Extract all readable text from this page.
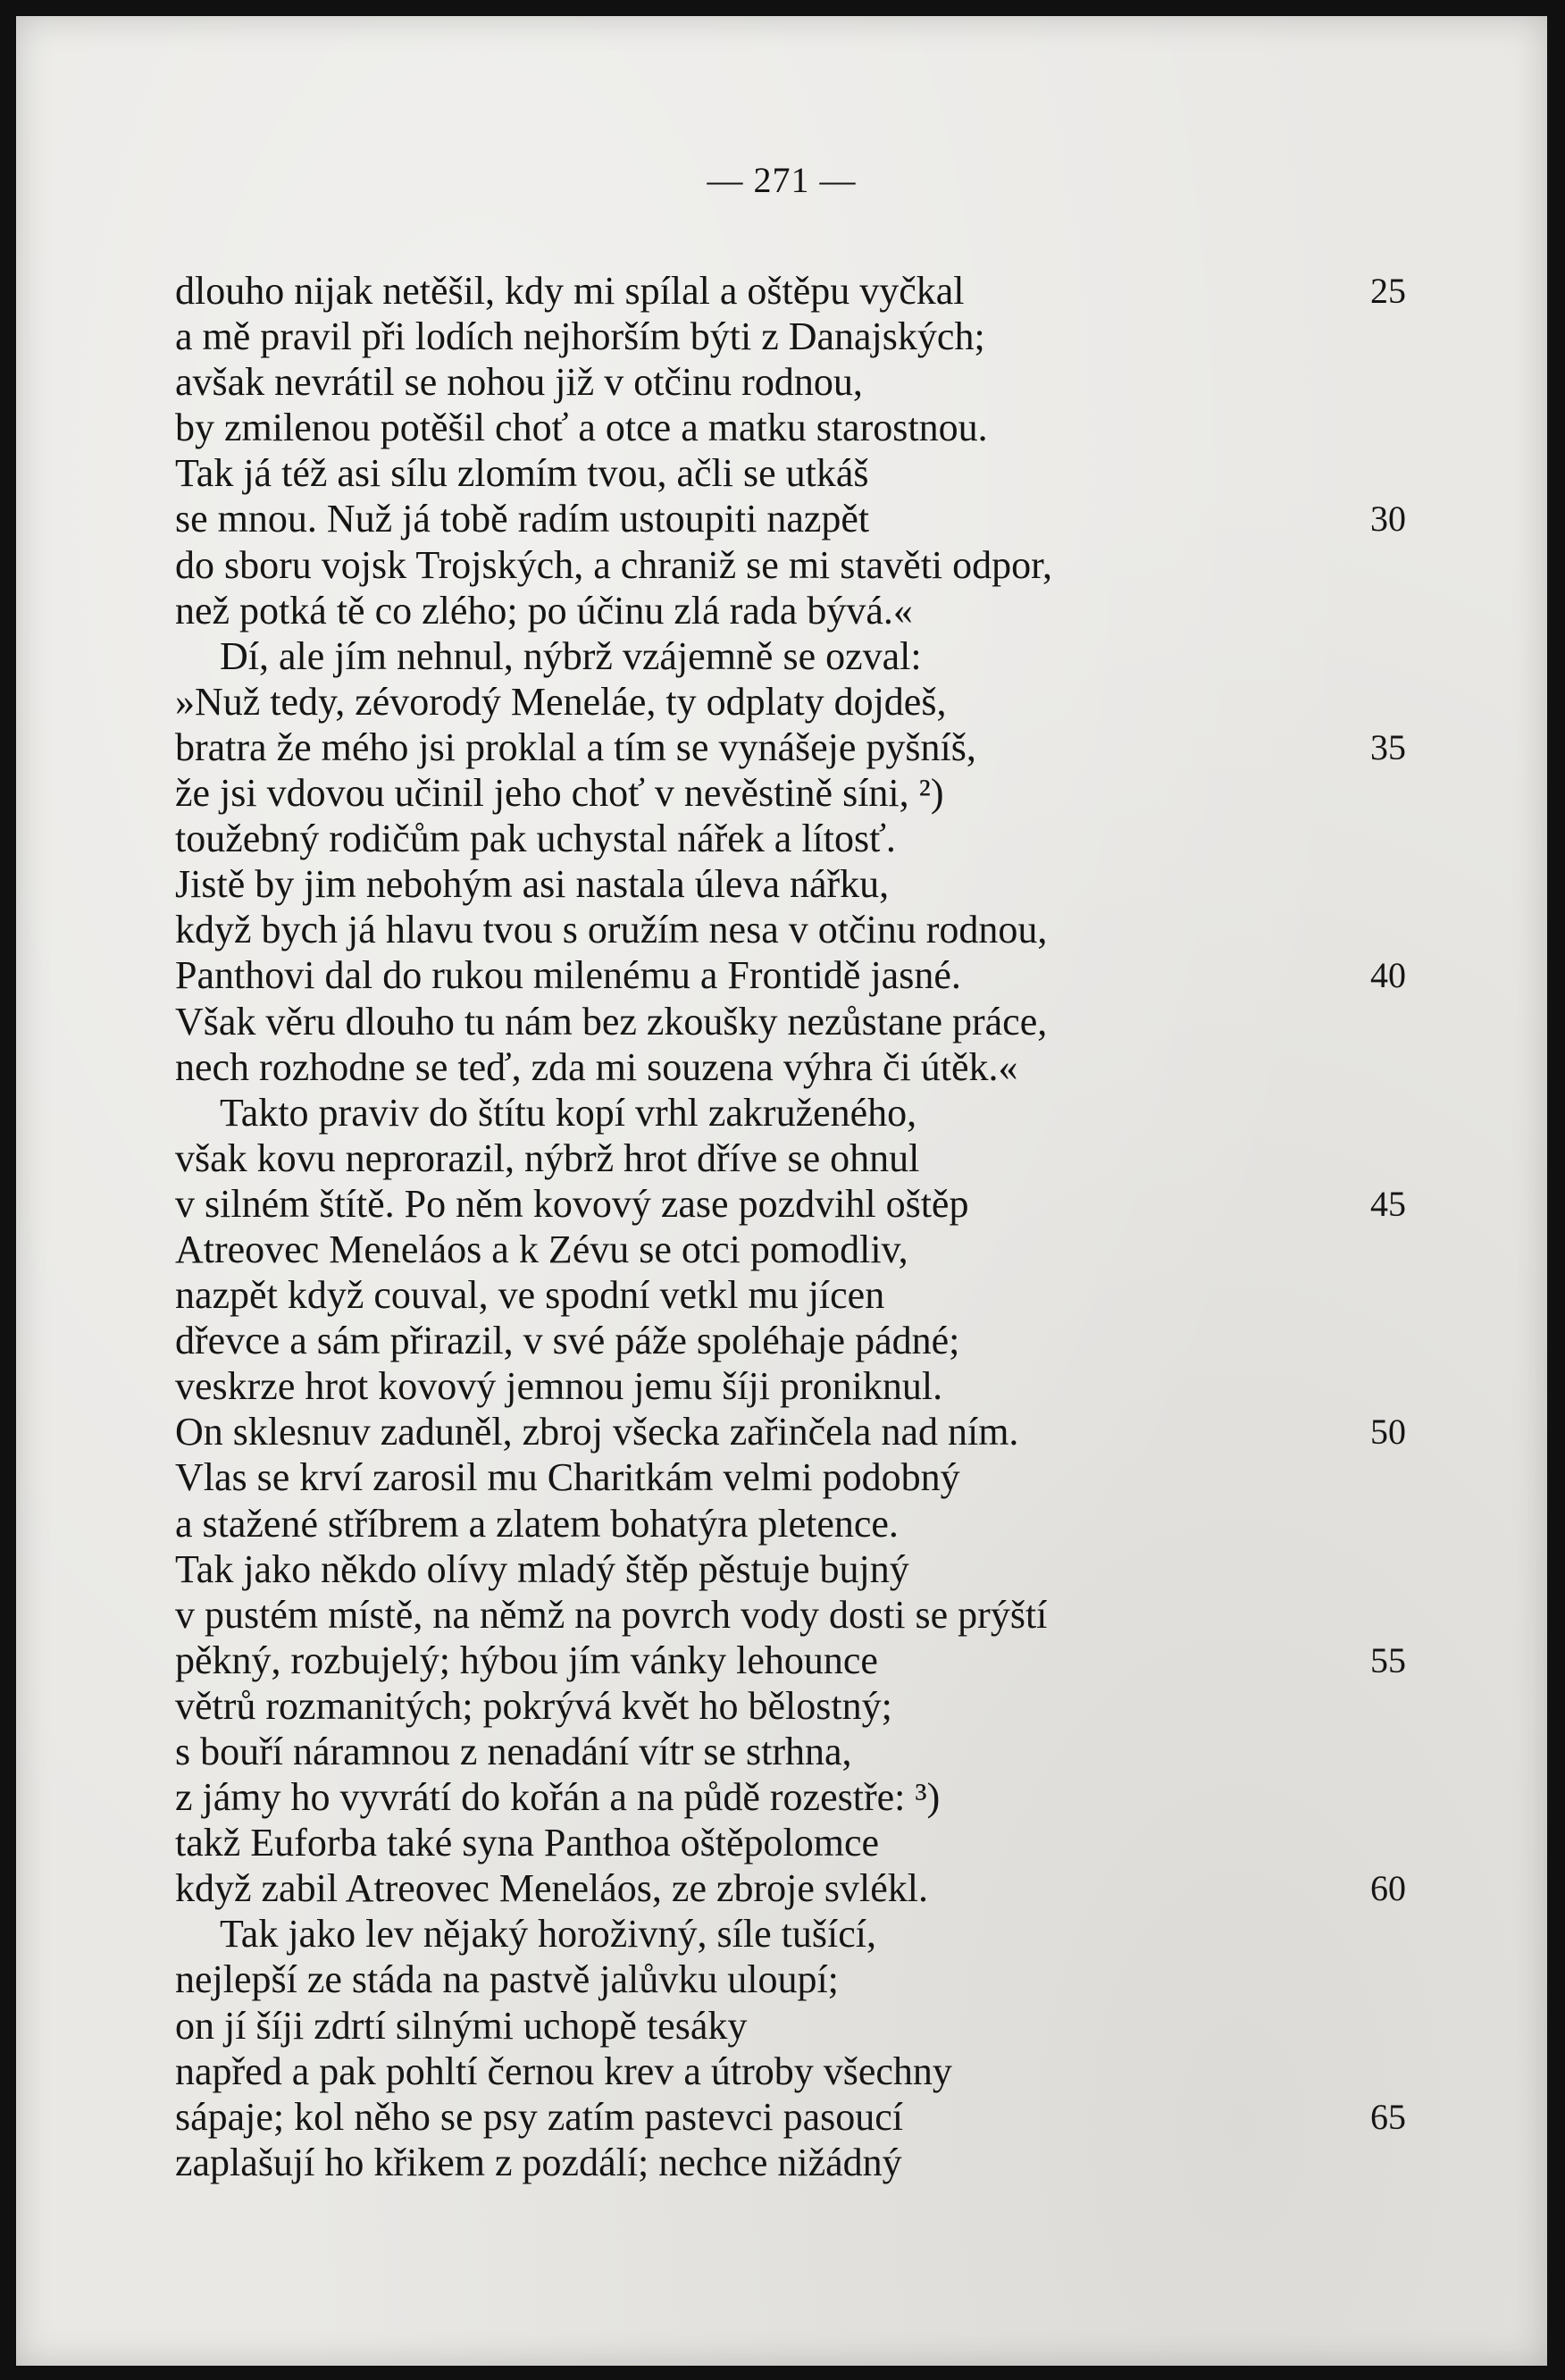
— 271 —
dlouho nijak netěšil, kdy mi spílal a oštěpu vyčkal	25
a mě pravil při lodích nejhorším býti z Danajských;
avšak nevrátil se nohou již v otčinu rodnou,
by zmilenou potěšil choť a otce a matku starostnou.
Tak já též asi sílu zlomím tvou, ačli se utkáš
se mnou. Nuž já tobě radím ustoupiti nazpět	30
do sboru vojsk Trojských, a chraniž se mi stavěti odpor,
než potká tě co zlého; po účinu zlá rada bývá.«
Dí, ale jím nehnul, nýbrž vzájemně se ozval:
»Nuž tedy, zévorodý Meneláe, ty odplaty dojdeš,
bratra že mého jsi proklal a tím se vynášeje pyšníš,	35
že jsi vdovou učinil jeho choť v nevěstině síni, ²)
toužebný rodičům pak uchystal nářek a lítosť.
Jistě by jim nebohým asi nastala úleva nářku,
když bych já hlavu tvou s oružím nesa v otčinu rodnou,
Panthovi dal do rukou milenému a Frontidě jasné.	40
Však věru dlouho tu nám bez zkoušky nezůstane práce,
nech rozhodne se teď, zda mi souzena výhra či útěk.«
Takto praviv do štítu kopí vrhl zakruženého,
však kovu neprorazil, nýbrž hrot dříve se ohnul
v silném štítě. Po něm kovový zase pozdvihl oštěp	45
Atreovec Meneláos a k Zévu se otci pomodliv,
nazpět když couval, ve spodní vetkl mu jícen
dřevce a sám přirazil, v své páže spoléhaje pádné;
veskrze hrot kovový jemnou jemu šíji proniknul.
On sklesnuv zaduněl, zbroj všecka zařinčela nad ním.	50
Vlas se krví zarosil mu Charitkám velmi podobný
a stažené stříbrem a zlatem bohatýra pletence.
Tak jako někdo olívy mladý štěp pěstuje bujný
v pustém místě, na němž na povrch vody dosti se prýští
pěkný, rozbujelý; hýbou jím vánky lehounce	55
větrů rozmanitých; pokrývá květ ho bělostný;
s bouří náramnou z nenadání vítr se strhna,
z jámy ho vyvrátí do kořán a na půdě rozestře: ³)
takž Euforba také syna Panthoa oštěpolomce
když zabil Atreovec Meneláos, ze zbroje svlékl.	60
Tak jako lev nějaký horoživný, síle tušící,
nejlepší ze stáda na pastvě jalůvku uloupí;
on jí šíji zdrtí silnými uchopě tesáky
napřed a pak pohltí černou krev a útroby všechny
sápaje; kol něho se psy zatím pastevci pasoucí	65
zaplašují ho křikem z pozdálí; nechce nižádný
